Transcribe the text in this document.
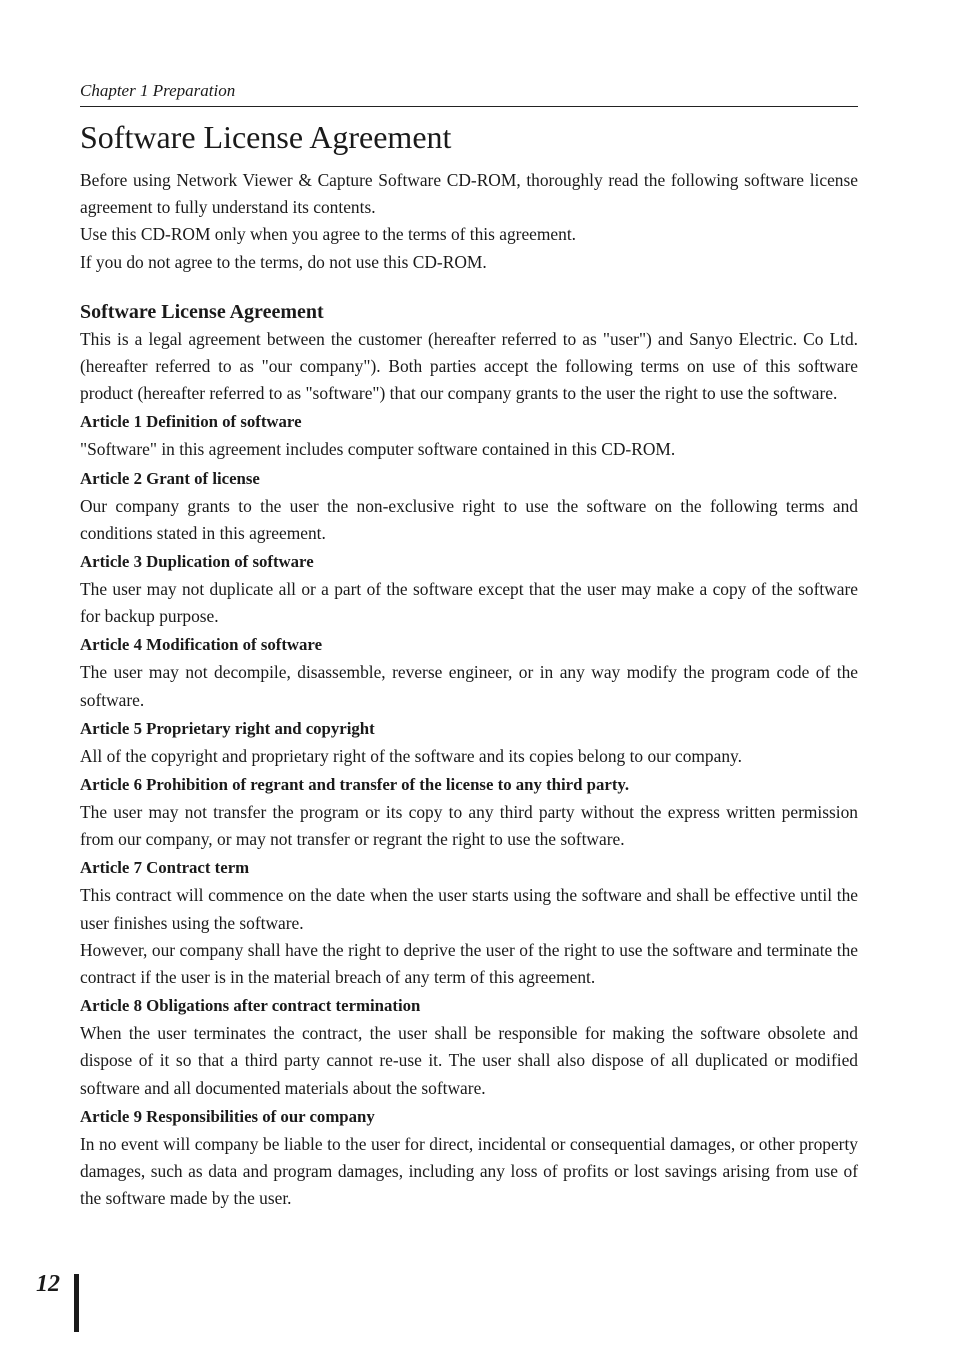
Chapter 1 Preparation
Software License Agreement

Before using Network Viewer & Capture Software CD-ROM, thoroughly read the following software license agreement to fully understand its contents.

Use this CD-ROM only when you agree to the terms of this agreement.

If you do not agree to the terms, do not use this CD-ROM.

Software License Agreement

This is a legal agreement between the customer (hereafter referred to as "user") and Sanyo Electric. Co Ltd. (hereafter referred to as "our company"). Both parties accept the following terms on use of this software product (hereafter referred to as "software") that our company grants to the user the right to use the software.

Article 1 Definition of software

"Software" in this agreement includes computer software contained in this CD-ROM.

Article 2 Grant of license

Our company grants to the user the non-exclusive right to use the software on the following terms and conditions stated in this agreement.

Article 3 Duplication of software

The user may not duplicate all or a part of the software except that the user may make a copy of the software for backup purpose.

Article 4 Modification of software

The user may not decompile, disassemble, reverse engineer, or in any way modify the program code of the software.

Article 5 Proprietary right and copyright

All of the copyright and proprietary right of the software and its copies belong to our company.

Article 6 Prohibition of regrant and transfer of the license to any third party.

The user may not transfer the program or its copy to any third party without the express written permission from our company, or may not transfer or regrant the right to use the software.

Article 7 Contract term

This contract will commence on the date when the user starts using the software and shall be effective until the user finishes using the software.

However, our company shall have the right to deprive the user of the right to use the software and terminate the contract if the user is in the material breach of any term of this agreement.

Article 8 Obligations after contract termination

When the user terminates the contract, the user shall be responsible for making the software obsolete and dispose of it so that a third party cannot re-use it. The user shall also dispose of all duplicated or modified software and all documented materials about the software.

Article 9 Responsibilities of our company

In no event will company be liable to the user for direct, incidental or consequential damages, or other property damages, such as data and program damages, including any loss of profits or lost savings arising from use of the software made by the user.

12
